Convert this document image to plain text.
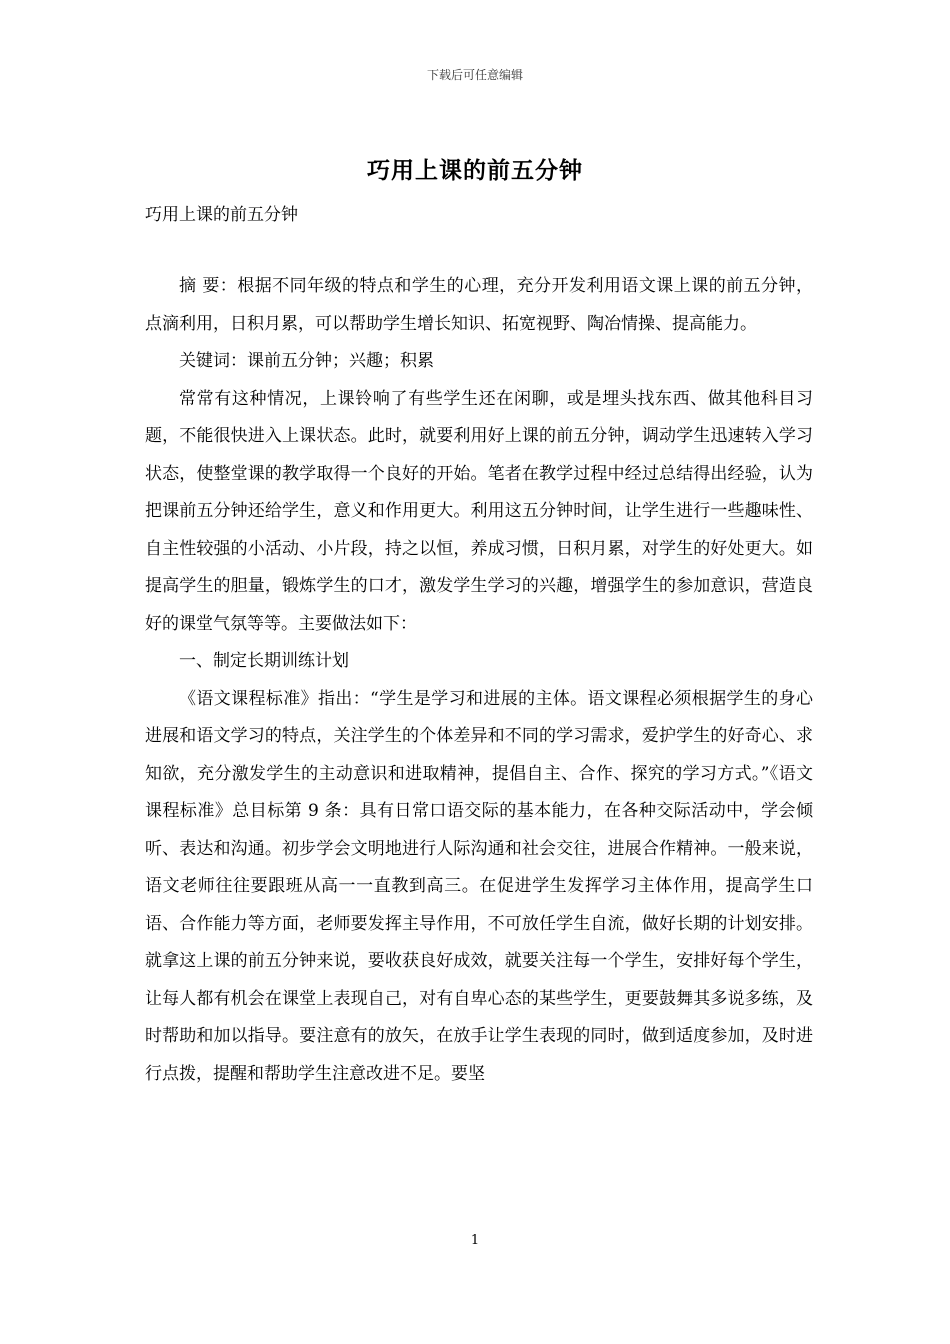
下载后可任意编辑
巧用上课的前五分钟
巧用上课的前五分钟

摘 要：根据不同年级的特点和学生的心理，充分开发利用语文课上课的前五分钟，点滴利用，日积月累，可以帮助学生增长知识、拓宽视野、陶冶情操、提高能力。

关键词：课前五分钟；兴趣；积累

常常有这种情况，上课铃响了有些学生还在闲聊，或是埋头找东西、做其他科目习题，不能很快进入上课状态。此时，就要利用好上课的前五分钟，调动学生迅速转入学习状态，使整堂课的教学取得一个良好的开始。笔者在教学过程中经过总结得出经验，认为把课前五分钟还给学生，意义和作用更大。利用这五分钟时间，让学生进行一些趣味性、自主性较强的小活动、小片段，持之以恒，养成习惯，日积月累，对学生的好处更大。如提高学生的胆量，锻炼学生的口才，激发学生学习的兴趣，增强学生的参加意识，营造良好的课堂气氛等等。主要做法如下：

一、制定长期训练计划

《语文课程标准》指出：“学生是学习和进展的主体。语文课程必须根据学生的身心进展和语文学习的特点，关注学生的个体差异和不同的学习需求，爱护学生的好奇心、求知欲，充分激发学生的主动意识和进取精神，提倡自主、合作、探究的学习方式。”《语文课程标准》总目标第 9 条：具有日常口语交际的基本能力，在各种交际活动中，学会倾听、表达和沟通。初步学会文明地进行人际沟通和社会交往，进展合作精神。一般来说，语文老师往往要跟班从高一一直教到高三。在促进学生发挥学习主体作用，提高学生口语、合作能力等方面，老师要发挥主导作用，不可放任学生自流，做好长期的计划安排。就拿这上课的前五分钟来说，要收获良好成效，就要关注每一个学生，安排好每个学生，让每人都有机会在课堂上表现自己，对有自卑心态的某些学生，更要鼓舞其多说多练，及时帮助和加以指导。要注意有的放矢，在放手让学生表现的同时，做到适度参加，及时进行点拨，提醒和帮助学生注意改进不足。要坚

1
